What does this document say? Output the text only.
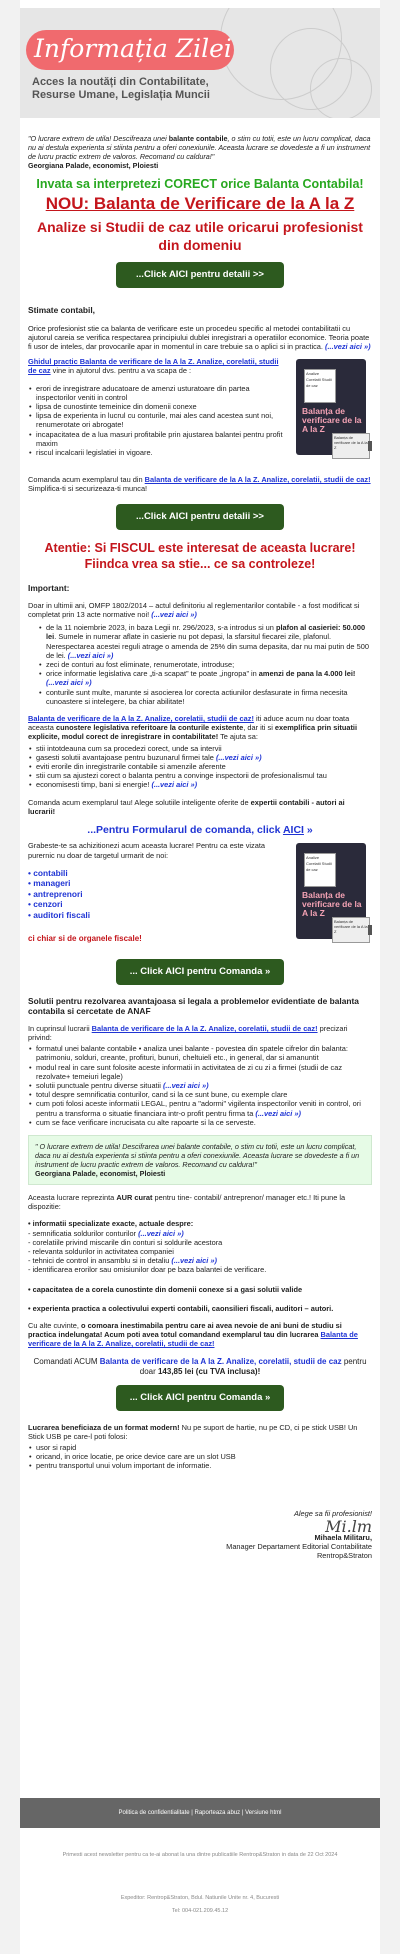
Informația Zilei
Acces la noutăți din Contabilitate, Resurse Umane, Legislația Muncii

"O lucrare extrem de utila! Descifreaza unei balante contabile, o stim cu totii, este un lucru complicat, daca nu ai destula experienta si stiinta pentru a oferi conexiunile. Aceasta lucrare se dovedeste a fi un instrument de lucru practic extrem de valoros. Recomand cu caldura!"
Georgiana Palade, economist, Ploiesti

Invata sa interpretezi CORECT orice Balanta Contabila!
NOU: Balanta de Verificare de la A la Z
Analize si Studii de caz utile oricarui profesionist din domeniu
...Click AICI pentru detalii >>

Stimate contabil,

Orice profesionist stie ca balanta de verificare este un procedeu specific al metodei contabilitatii cu ajutorul careia se verifica respectarea principiului dublei inregistrari a operatiilor economice. Teoria poate fi usor de inteles, dar provocarile apar in momentul in care trebuie sa o aplici si in practica. (...vezi aici »)

Ghidul practic Balanta de verificare de la A la Z. Analize, corelatii, studii de caz vine in ajutorul dvs. pentru a va scapa de :

• erori de inregistrare aducatoare de amenzi usturatoare din partea inspectorilor veniti in control
• lipsa de cunostinte temeinice din domenii conexe
• lipsa de experienta in lucrul cu conturile, mai ales cand acestea sunt noi, renumerotate ori abrogate!
• incapacitatea de a lua masuri profitabile prin ajustarea balantei pentru profit maxim
• riscul incalcarii legislatiei in vigoare.
Analize Corelatii Studii de caz
Balanța de verificare de la A la Z
Balanța de verificare de la A la Z

Comanda acum exemplarul tau din Balanta de verificare de la A la Z. Analize, corelatii, studii de caz! Simplifica-ti si securizeaza-ti munca!

...Click AICI pentru detalii >>
Atentie: Si FISCUL este interesat de aceasta lucrare! Fiindca vrea sa stie... ce sa controleze!

Important:

Doar in ultimii ani, OMFP 1802/2014 – actul definitoriu al reglementarilor contabile - a fost modificat si completat prin 13 acte normative noi! (...vezi aici »)

• de la 11 noiembrie 2023, in baza Legii nr. 296/2023, s-a introdus si un plafon al casieriei: 50.000 lei. Sumele in numerar aflate in casierie nu pot depasi, la sfarsitul fiecarei zile, plafonul. Nerespectarea acestei reguli atrage o amenda de 25% din suma depasita, dar nu mai putin de 500 de lei. (...vezi aici »)
• zeci de conturi au fost eliminate, renumerotate, introduse;
• orice informatie legislativa care „ti-a scapat” te poate „ingropa” in amenzi de pana la 4.000 lei! (...vezi aici »)
• conturile sunt multe, marunte si asocierea lor corecta actiunilor desfasurate in firma necesita cunoastere si intelegere, ba chiar abilitate!

Balanta de verificare de la A la Z. Analize, corelatii, studii de caz! iti aduce acum nu doar toata aceasta cunostere legislativa referitoare la conturile existente, dar iti si exemplifica prin situatii explicite, modul corect de inregistrare in contabilitate! Te ajuta sa:

• stii intotdeauna cum sa procedezi corect, unde sa intervii
• gasesti solutii avantajoase pentru buzunarul firmei tale (...vezi aici »)
• eviti erorile din inregistrarile contabile si amenzile aferente
• stii cum sa ajustezi corect o balanta pentru a convinge inspectorii de profesionalismul tau
• economisesti timp, bani si energie! (...vezi aici »)

Comanda acum exemplarul tau! Alege solutiile inteligente oferite de expertii contabili - autori ai lucrarii!

...Pentru Formularul de comanda, click AICI »

Grabeste-te sa achizitionezi acum aceasta lucrare! Pentru ca este vizata purernic nu doar de targetul urmarit de noi:

• contabili
• manageri
• antreprenori
• cenzori
• auditori fiscali

ci chiar si de organele fiscale!

Analize Corelatii Studii de caz
Balanța de verificare de la A la Z
Balanța de verificare de la A la Z
... Click AICI pentru Comanda »

Solutii pentru rezolvarea avantajoasa si legala a problemelor evidentiate de balanta contabila si cercetate de ANAF

In cuprinsul lucrarii Balanta de verificare de la A la Z. Analize, corelatii, studii de caz! precizari privind:

• formatul unei balante contabile • analiza unei balante - povestea din spatele cifrelor din balanta: patrimoniu, solduri, creante, profituri, bunuri, cheltuieli etc., in general, dar si amanuntit
• modul real in care sunt folosite aceste informatii in activitatea de zi cu zi a firmei (studii de caz rezolvate+ temeiuri legale)
• solutii punctuale pentru diverse situatii (...vezi aici »)
• totul despre semnificatia conturilor, cand si la ce sunt bune, cu exemple clare
• cum poti folosi aceste informatii LEGAL, pentru a "adormi" vigilenta inspectorilor veniti in control, ori pentru a transforma o situatie financiara intr-o profit pentru firma ta (...vezi aici »)
• cum se face verificare incrucisata cu alte rapoarte si la ce serveste.
" O lucrare extrem de utila! Descifrarea unei balante contabile, o stim cu totii, este un lucru complicat, daca nu ai destula experienta si stiinta pentru a oferi conexiunile. Aceasta lucrare se dovedeste a fi un instrument de lucru practic extrem de valoros. Recomand cu caldura!"
Georgiana Palade, economist, Ploiesti

Aceasta lucrare reprezinta AUR curat pentru tine- contabil/ antreprenor/ manager etc.! Iti pune la dispozitie:

• informatii specializate exacte, actuale despre:

- semnificatia soldurilor conturilor (...vezi aici »)
- corelatiile privind miscarile din conturi si soldurile acestora
- relevanta soldurilor in activitatea companiei
- tehnici de control in ansamblu si in detaliu (...vezi aici »)
- identificarea erorilor sau omisiunilor doar pe baza balantei de verificare.

• capacitatea de a corela cunostinte din domenii conexe si a gasi solutii valide

• experienta practica a colectivului experti contabili, caonsilieri fiscali, auditori – autori.

Cu alte cuvinte, o comoara inestimabila pentru care ai avea nevoie de ani buni de studiu si practica indelungata! Acum poti avea totul comandand exemplarul tau din lucrarea Balanta de verificare de la A la Z. Analize, corelatii, studii de caz!

Comandati ACUM Balanta de verificare de la A la Z. Analize, corelatii, studii de caz pentru doar 143,85 lei (cu TVA inclusa)!

... Click AICI pentru Comanda »

Lucrarea beneficiaza de un format modern! Nu pe suport de hartie, nu pe CD, ci pe stick USB! Un Stick USB pe care-l poti folosi:

• usor si rapid
• oricand, in orice locatie, pe orice device care are un slot USB
• pentru transportul unui volum important de informatie.
Alege sa fii profesionist!
Mi.lm
Mihaela Militaru,
Manager Departament Editorial Contabilitate
Rentrop&Straton
Politica de confidentialitate | Raporteaza abuz | Versiune html
Primesti acest newsletter pentru ca te-ai abonat la una dintre publicatiile Rentrop&Straton in data de 22 Oct 2024
Expeditor: Rentrop&Straton, Bdul. Natiunile Unite nr. 4, Bucuresti
Tel: 004-021.209.45.12
